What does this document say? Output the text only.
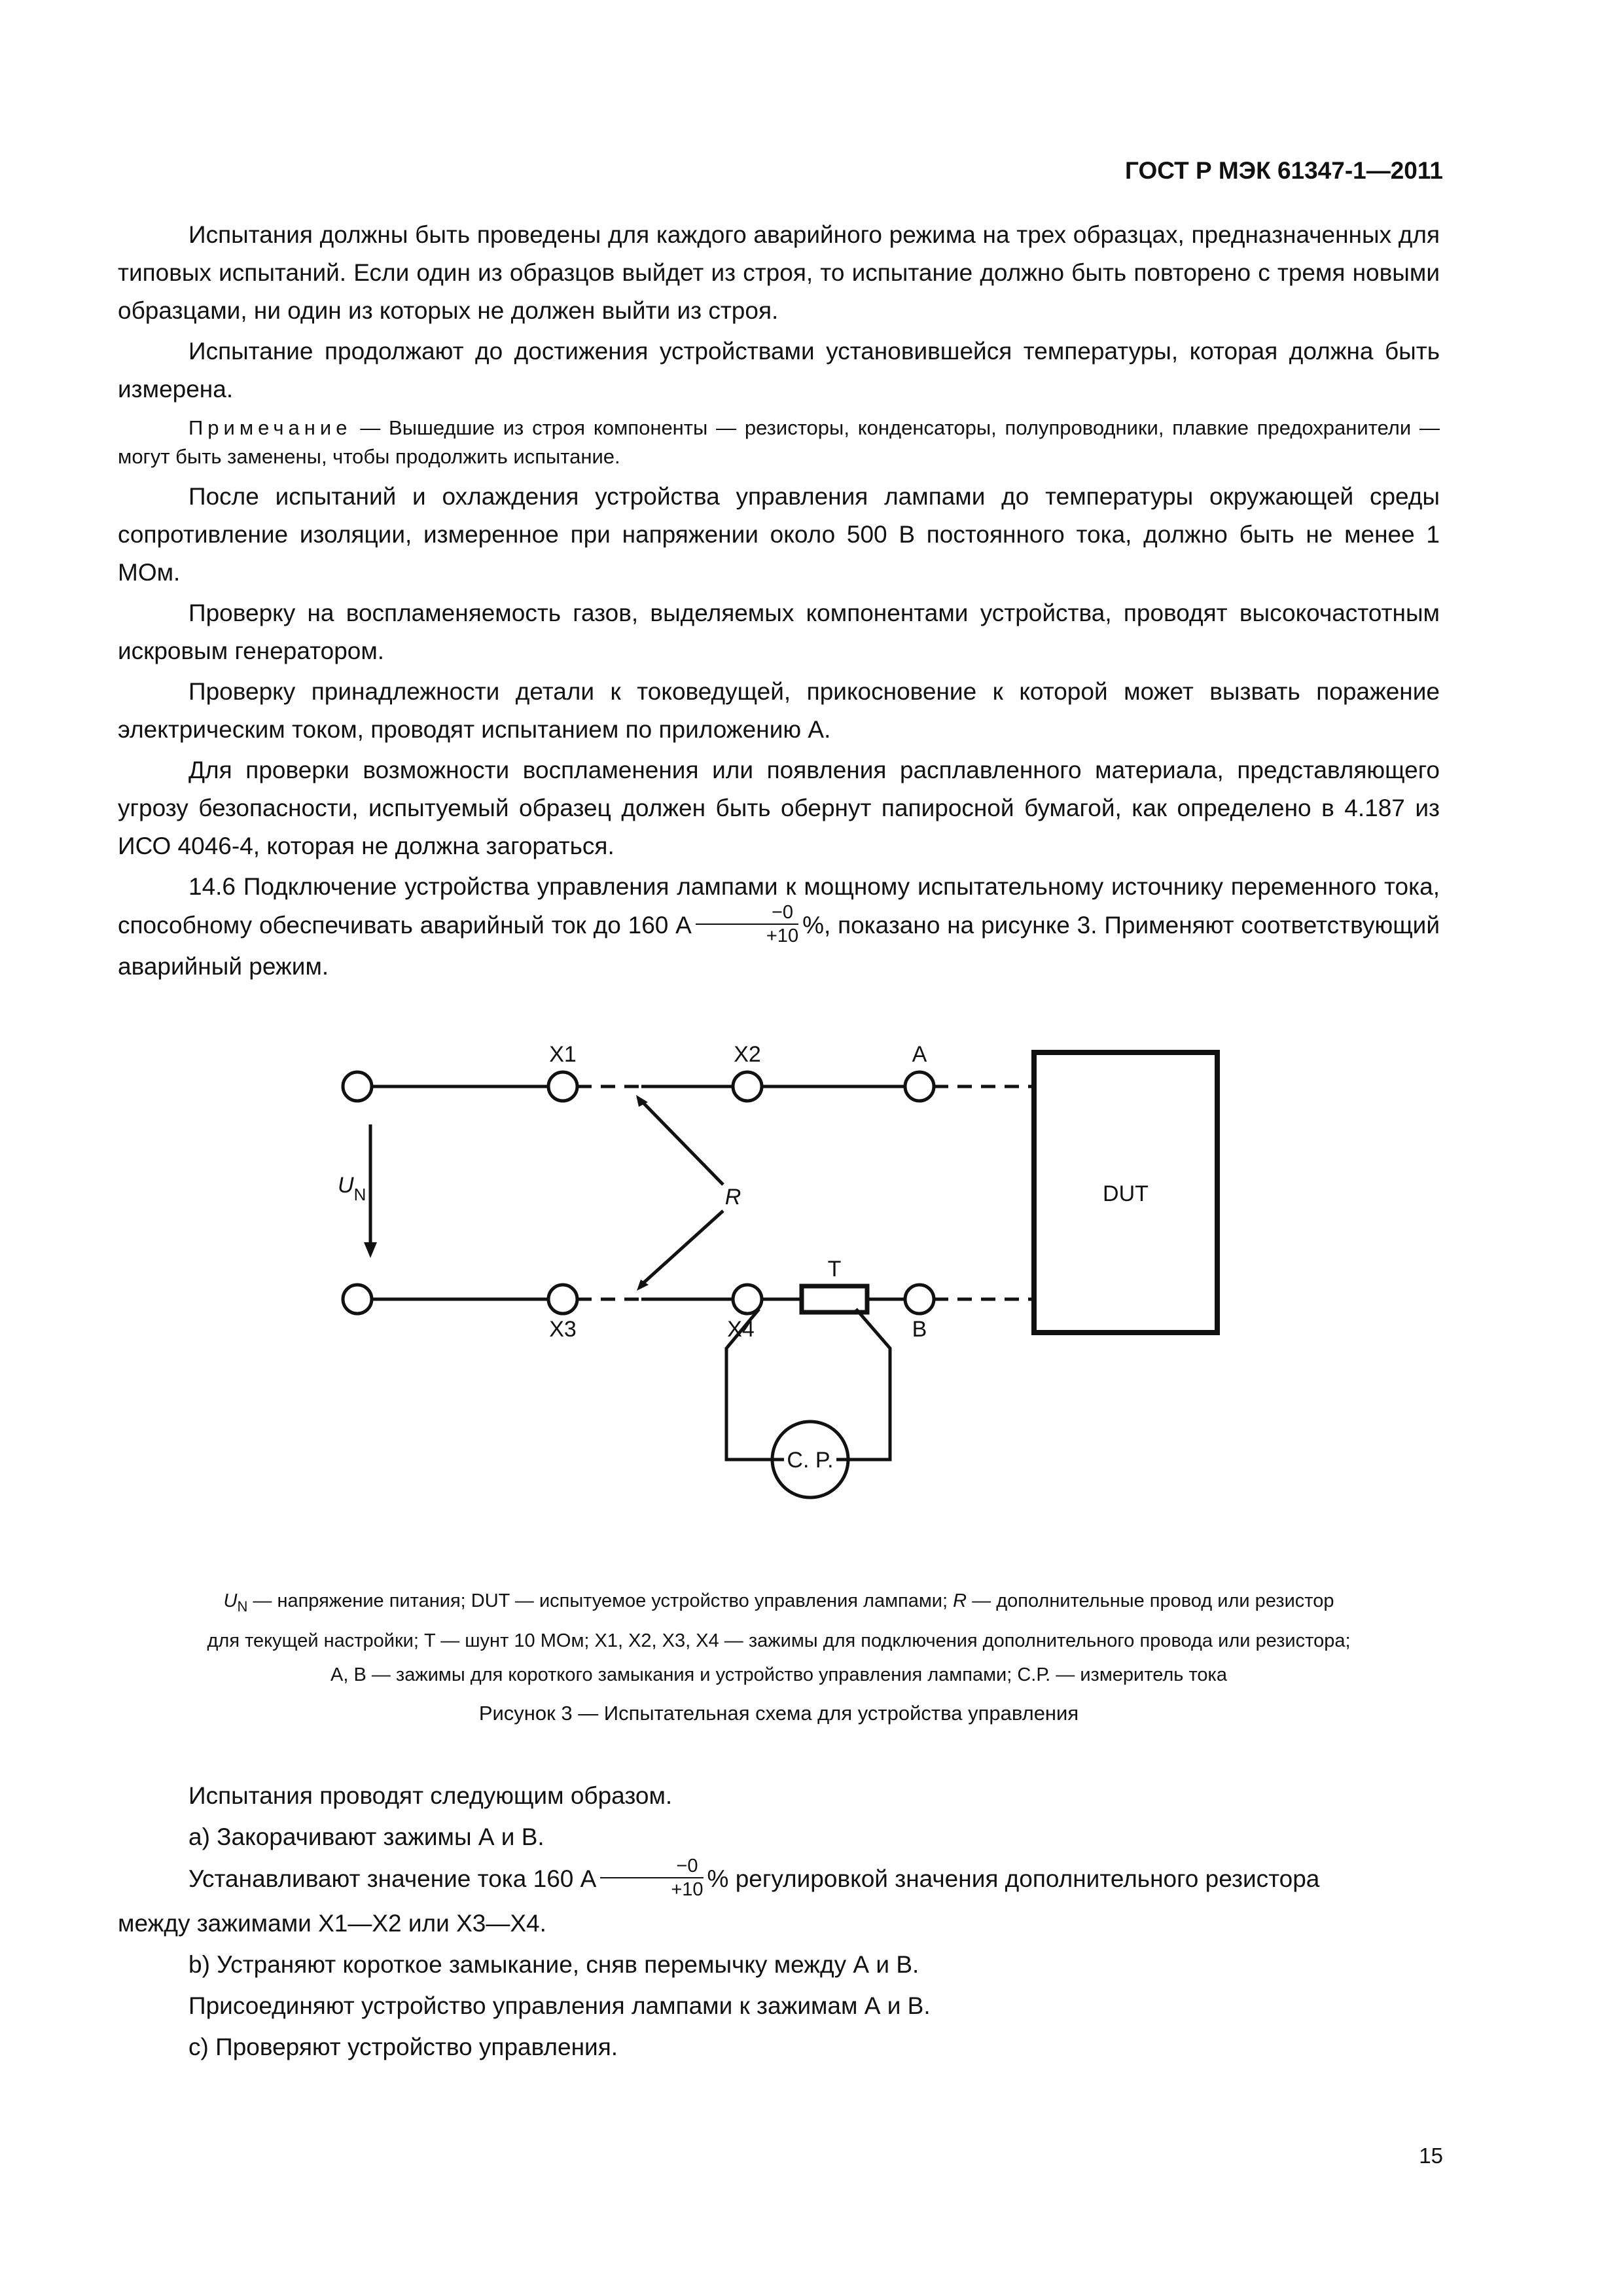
ГОСТ Р МЭК 61347-1—2011

Испытания должны быть проведены для каждого аварийного режима на трех образцах, предназначенных для типовых испытаний. Если один из образцов выйдет из строя, то испытание должно быть повторено с тремя новыми образцами, ни один из которых не должен выйти из строя.

Испытание продолжают до достижения устройствами установившейся температуры, которая должна быть измерена.

Примечание — Вышедшие из строя компоненты — резисторы, конденсаторы, полупроводники, плавкие предохранители — могут быть заменены, чтобы продолжить испытание.

После испытаний и охлаждения устройства управления лампами до температуры окружающей среды сопротивление изоляции, измеренное при напряжении около 500 В постоянного тока, должно быть не менее 1 МОм.

Проверку на воспламеняемость газов, выделяемых компонентами устройства, проводят высокочастотным искровым генератором.

Проверку принадлежности детали к токоведущей, прикосновение к которой может вызвать поражение электрическим током, проводят испытанием по приложению А.

Для проверки возможности воспламенения или появления расплавленного материала, представляющего угрозу безопасности, испытуемый образец должен быть обернут папиросной бумагой, как определено в 4.187 из ИСО 4046-4, которая не должна загораться.

14.6 Подключение устройства управления лампами к мощному испытательному источнику переменного тока, способному обеспечивать аварийный ток до 160 А $\frac{-0}{+10}$ %, показано на рисунке 3. Применяют соответствующий аварийный режим.

X1	X2	A
X3	X4	B
T
DUT
C. P.
R
$U_N$
$U_N$ — напряжение питания; DUT — испытуемое устройство управления лампами; R — дополнительные провод или резистор
для текущей настройки; T — шунт 10 МОм; X1, X2, X3, X4 — зажимы для подключения дополнительного провода или резистора;
A, B — зажимы для короткого замыкания и устройство управления лампами; С.Р. — измеритель тока
Рисунок 3 — Испытательная схема для устройства управления

Испытания проводят следующим образом.

a) Закорачивают зажимы А и В.

Устанавливают значение тока 160 А $\frac{-0}{+10}$ % регулировкой значения дополнительного резистора

между зажимами X1—X2 или X3—X4.

b) Устраняют короткое замыкание, сняв перемычку между А и В.

Присоединяют устройство управления лампами к зажимам А и В.

c) Проверяют устройство управления.

15
